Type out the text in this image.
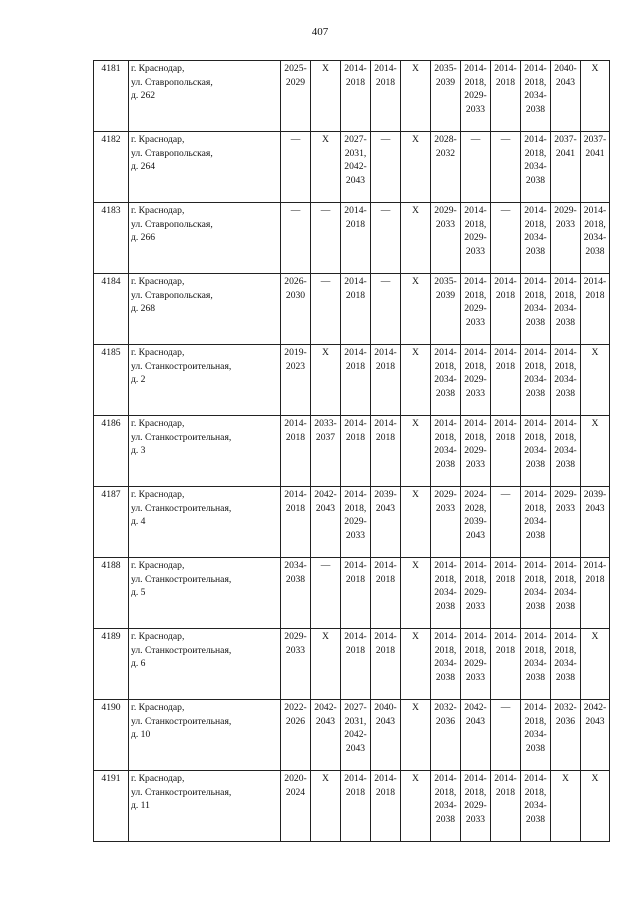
407
4181	г. Краснодар,
ул. Ставропольская,
д. 262	2025-
2029	X	2014-
2018	2014-
2018	X	2035-
2039	2014-
2018,
2029-
2033	2014-
2018	2014-
2018,
2034-
2038	2040-
2043	X

4182	г. Краснодар,
ул. Ставропольская,
д. 264	—	X	2027-
2031,
2042-
2043	—	X	2028-
2032	—	—	2014-
2018,
2034-
2038	2037-
2041	2037-
2041

4183	г. Краснодар,
ул. Ставропольская,
д. 266	—	—	2014-
2018	—	X	2029-
2033	2014-
2018,
2029-
2033	—	2014-
2018,
2034-
2038	2029-
2033	2014-
2018,
2034-
2038

4184	г. Краснодар,
ул. Ставропольская,
д. 268	2026-
2030	—	2014-
2018	—	X	2035-
2039	2014-
2018,
2029-
2033	2014-
2018	2014-
2018,
2034-
2038	2014-
2018,
2034-
2038	2014-
2018

4185	г. Краснодар,
ул. Станкостроительная,
д. 2	2019-
2023	X	2014-
2018	2014-
2018	X	2014-
2018,
2034-
2038	2014-
2018,
2029-
2033	2014-
2018	2014-
2018,
2034-
2038	2014-
2018,
2034-
2038	X

4186	г. Краснодар,
ул. Станкостроительная,
д. 3	2014-
2018	2033-
2037	2014-
2018	2014-
2018	X	2014-
2018,
2034-
2038	2014-
2018,
2029-
2033	2014-
2018	2014-
2018,
2034-
2038	2014-
2018,
2034-
2038	X

4187	г. Краснодар,
ул. Станкостроительная,
д. 4	2014-
2018	2042-
2043	2014-
2018,
2029-
2033	2039-
2043	X	2029-
2033	2024-
2028,
2039-
2043	—	2014-
2018,
2034-
2038	2029-
2033	2039-
2043

4188	г. Краснодар,
ул. Станкостроительная,
д. 5	2034-
2038	—	2014-
2018	2014-
2018	X	2014-
2018,
2034-
2038	2014-
2018,
2029-
2033	2014-
2018	2014-
2018,
2034-
2038	2014-
2018,
2034-
2038	2014-
2018

4189	г. Краснодар,
ул. Станкостроительная,
д. 6	2029-
2033	X	2014-
2018	2014-
2018	X	2014-
2018,
2034-
2038	2014-
2018,
2029-
2033	2014-
2018	2014-
2018,
2034-
2038	2014-
2018,
2034-
2038	X

4190	г. Краснодар,
ул. Станкостроительная,
д. 10	2022-
2026	2042-
2043	2027-
2031,
2042-
2043	2040-
2043	X	2032-
2036	2042-
2043	—	2014-
2018,
2034-
2038	2032-
2036	2042-
2043

4191	г. Краснодар,
ул. Станкостроительная,
д. 11	2020-
2024	X	2014-
2018	2014-
2018	X	2014-
2018,
2034-
2038	2014-
2018,
2029-
2033	2014-
2018	2014-
2018,
2034-
2038	X	X
